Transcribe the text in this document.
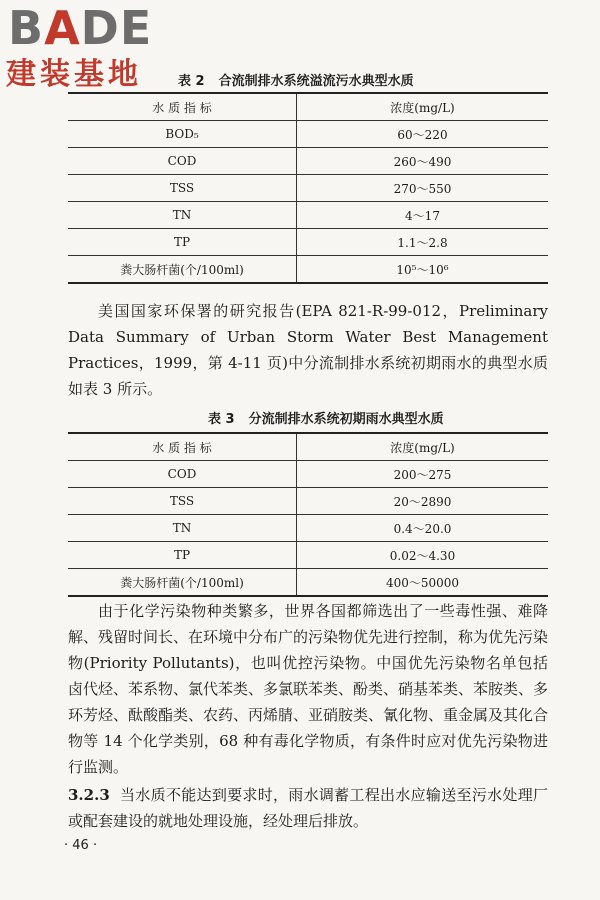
BADE
建装基地	表 2 合流制排水系统溢流污水典型水质
水 质 指 标	浓度(mg/L)
BOD₅	60～220
COD	260～490
TSS	270～550
TN	4～17
TP	1.1～2.8
粪大肠杆菌(个/100ml)	10⁵～10⁶

美国国家环保署的研究报告(EPA 821-R-99-012，Preliminary Data Summary of Urban Storm Water Best Management Practices，1999，第 4-11 页)中分流制排水系统初期雨水的典型水质如表 3 所示。

表 3 分流制排水系统初期雨水典型水质
水 质 指 标	浓度(mg/L)
COD	200～275
TSS	20～2890
TN	0.4～20.0
TP	0.02～4.30
粪大肠杆菌(个/100ml)	400～50000

由于化学污染物种类繁多，世界各国都筛选出了一些毒性强、难降解、残留时间长、在环境中分布广的污染物优先进行控制，称为优先污染物(Priority Pollutants)，也叫优控污染物。中国优先污染物名单包括卤代烃、苯系物、氯代苯类、多氯联苯类、酚类、硝基苯类、苯胺类、多环芳烃、酞酸酯类、农药、丙烯腈、亚硝胺类、氰化物、重金属及其化合物等 14 个化学类别，68 种有毒化学物质，有条件时应对优先污染物进行监测。

3.2.3 当水质不能达到要求时，雨水调蓄工程出水应输送至污水处理厂或配套建设的就地处理设施，经处理后排放。
· 46 ·
